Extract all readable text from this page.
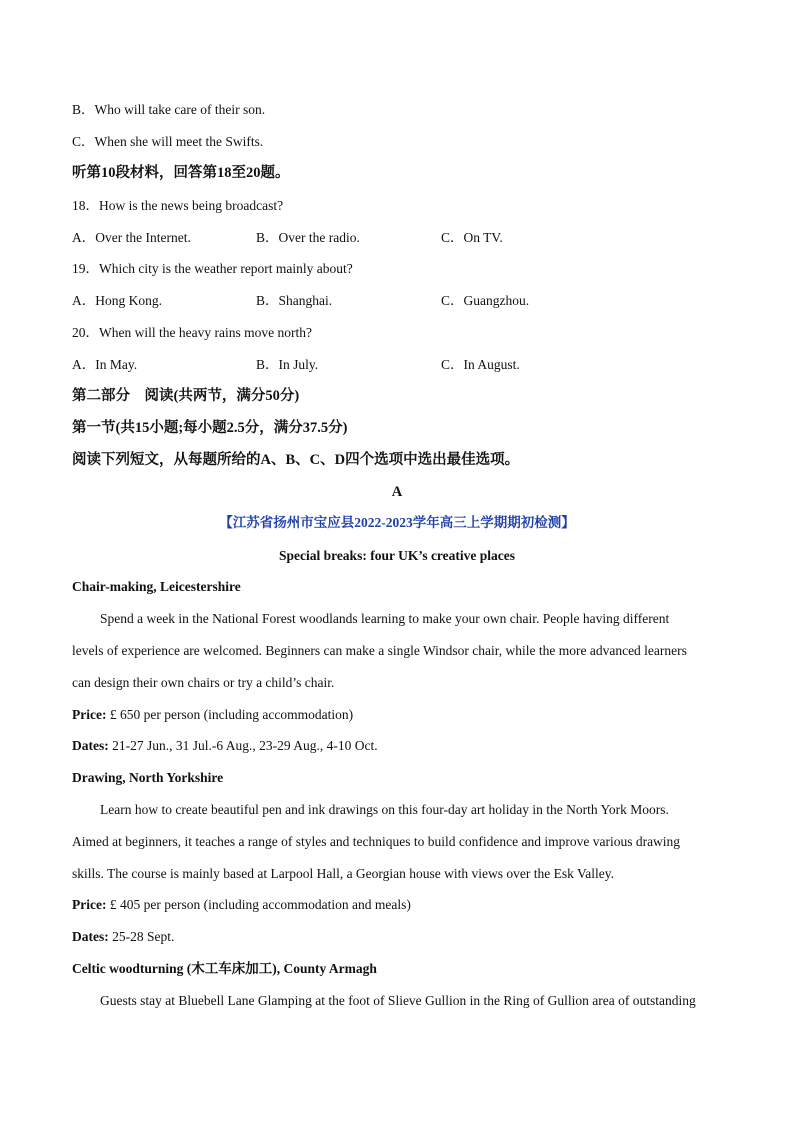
B．Who will take care of their son.
C．When she will meet the Swifts.
听第10段材料，回答第18至20题。
18．How is the news being broadcast?
A．Over the Internet.	B．Over the radio.	C．On TV.
19．Which city is the weather report mainly about?
A．Hong Kong.	B．Shanghai.	C．Guangzhou.
20．When will the heavy rains move north?
A．In May.	B．In July.	C．In August.
第二部分　阅读(共两节，满分50分)
第一节(共15小题;每小题2.5分，满分37.5分)
阅读下列短文，从每题所给的A、B、C、D四个选项中选出最佳选项。
A
【江苏省扬州市宝应县2022-2023学年高三上学期期初检测】
Special breaks: four UK’s creative places
Chair-making, Leicestershire
Spend a week in the National Forest woodlands learning to make your own chair. People having different
levels of experience are welcomed. Beginners can make a single Windsor chair, while the more advanced learners
can design their own chairs or try a child’s chair.
Price: £ 650 per person (including accommodation)
Dates: 21-27 Jun., 31 Jul.-6 Aug., 23-29 Aug., 4-10 Oct.
Drawing, North Yorkshire
Learn how to create beautiful pen and ink drawings on this four-day art holiday in the North York Moors.
Aimed at beginners, it teaches a range of styles and techniques to build confidence and improve various drawing
skills. The course is mainly based at Larpool Hall, a Georgian house with views over the Esk Valley.
Price: £ 405 per person (including accommodation and meals)
Dates: 25-28 Sept.
Celtic woodturning (木工车床加工), County Armagh
Guests stay at Bluebell Lane Glamping at the foot of Slieve Gullion in the Ring of Gullion area of outstanding
